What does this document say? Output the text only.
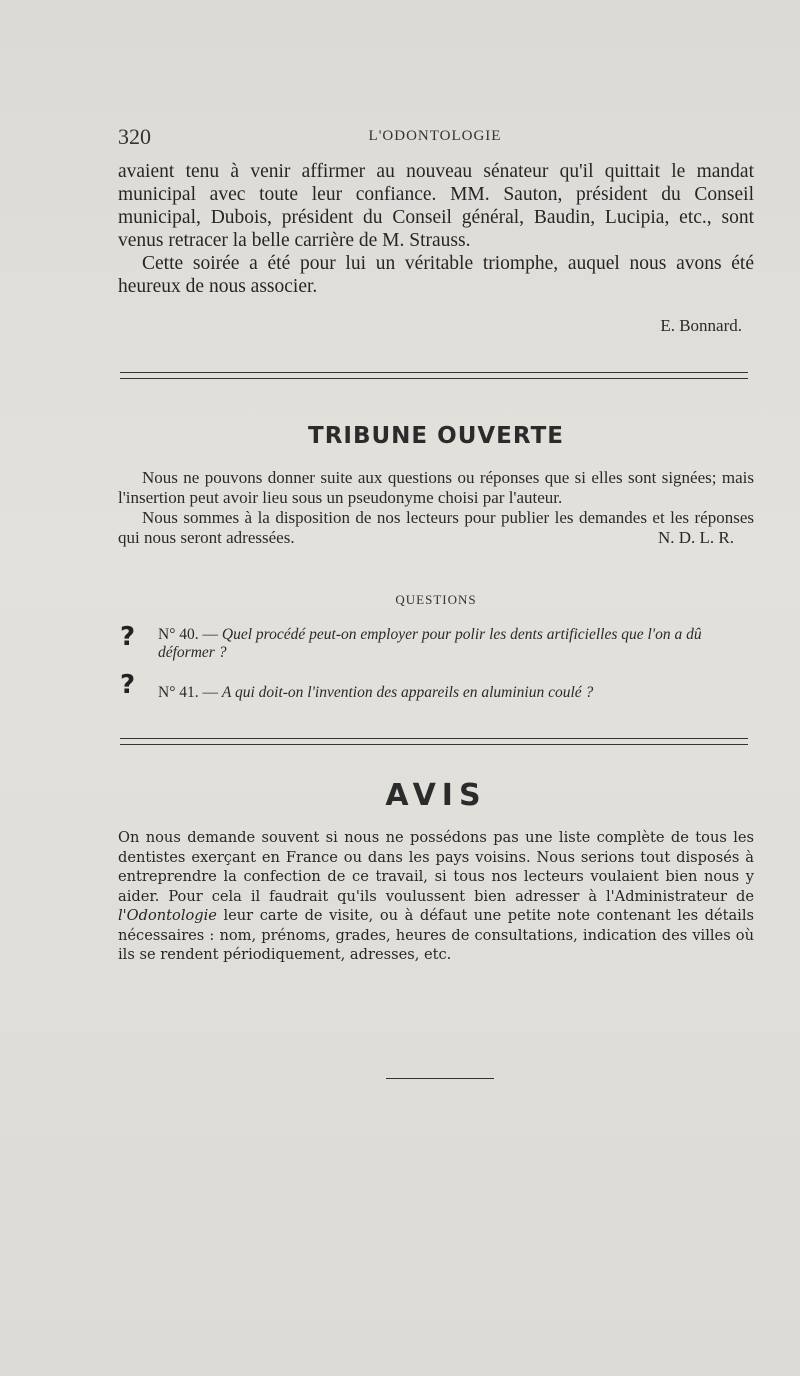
320	L'ODONTOLOGIE

avaient tenu à venir affirmer au nouveau sénateur qu'il quittait le mandat municipal avec toute leur confiance. MM. Sauton, président du Conseil municipal, Dubois, président du Conseil général, Baudin, Lucipia, etc., sont venus retracer la belle carrière de M. Strauss.

Cette soirée a été pour lui un véritable triomphe, auquel nous avons été heureux de nous associer.

E. Bonnard.
TRIBUNE OUVERTE

Nous ne pouvons donner suite aux questions ou réponses que si elles sont signées; mais l'insertion peut avoir lieu sous un pseudonyme choisi par l'auteur.

Nous sommes à la disposition de nos lecteurs pour publier les demandes et les réponses qui nous seront adressées.	N. D. L. R.

QUESTIONS
? N° 40. — Quel procédé peut-on employer pour polir les dents artificielles que l'on a dû déformer ?
? N° 41. — A qui doit-on l'invention des appareils en aluminiun coulé ?
AVIS
On nous demande souvent si nous ne possédons pas une liste complète de tous les dentistes exerçant en France ou dans les pays voisins. Nous serions tout disposés à entreprendre la confection de ce travail, si tous nos lecteurs voulaient bien nous y aider. Pour cela il faudrait qu'ils voulussent bien adresser à l'Administrateur de l'Odontologie leur carte de visite, ou à défaut une petite note contenant les détails nécessaires : nom, prénoms, grades, heures de consultations, indication des villes où ils se rendent périodiquement, adresses, etc.
